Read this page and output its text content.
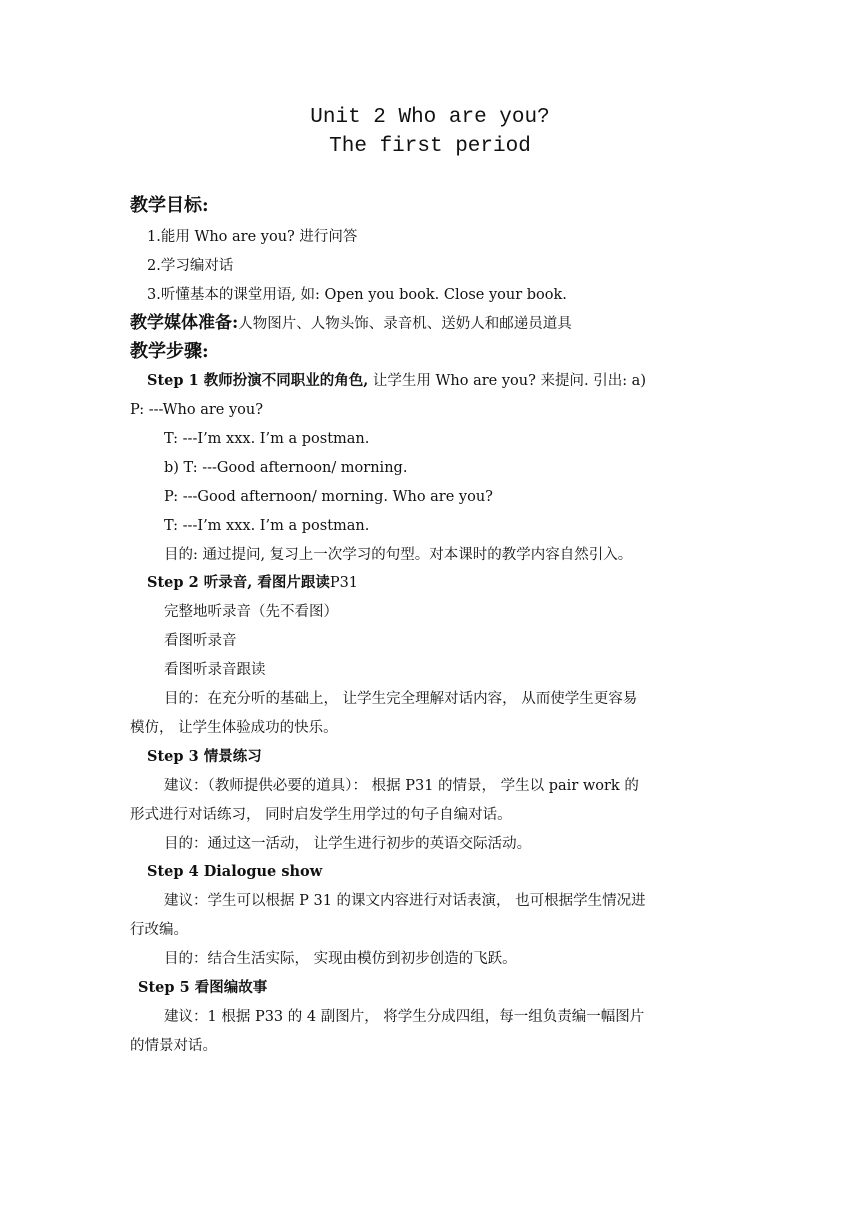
Unit 2 Who are you?
The first period
教学目标:
1.能用 Who are you? 进行问答
2.学习编对话
3.听懂基本的课堂用语, 如: Open you book. Close your book.
教学媒体准备:人物图片、人物头饰、录音机、送奶人和邮递员道具
教学步骤:
Step 1 教师扮演不同职业的角色, 让学生用 Who are you? 来提问. 引出: a)
P: ---Who are you?
T: ---I’m xxx. I’m a postman.
b) T: ---Good afternoon/ morning.
P: ---Good afternoon/ morning. Who are you?
T: ---I’m xxx. I’m a postman.
目的: 通过提问, 复习上一次学习的句型。对本课时的教学内容自然引入。
Step 2 听录音, 看图片跟读P31
完整地听录音（先不看图）
看图听录音
看图听录音跟读
目的：在充分听的基础上， 让学生完全理解对话内容， 从而使学生更容易
模仿， 让学生体验成功的快乐。
Step 3 情景练习
建议：（教师提供必要的道具）： 根据 P31 的情景， 学生以 pair work 的
形式进行对话练习， 同时启发学生用学过的句子自编对话。
目的：通过这一活动， 让学生进行初步的英语交际活动。
Step 4 Dialogue show
建议：学生可以根据 P 31 的课文内容进行对话表演， 也可根据学生情况进
行改编。
目的：结合生活实际， 实现由模仿到初步创造的飞跃。
Step 5 看图编故事
建议：1 根据 P33 的 4 副图片， 将学生分成四组，每一组负责编一幅图片
的情景对话。
